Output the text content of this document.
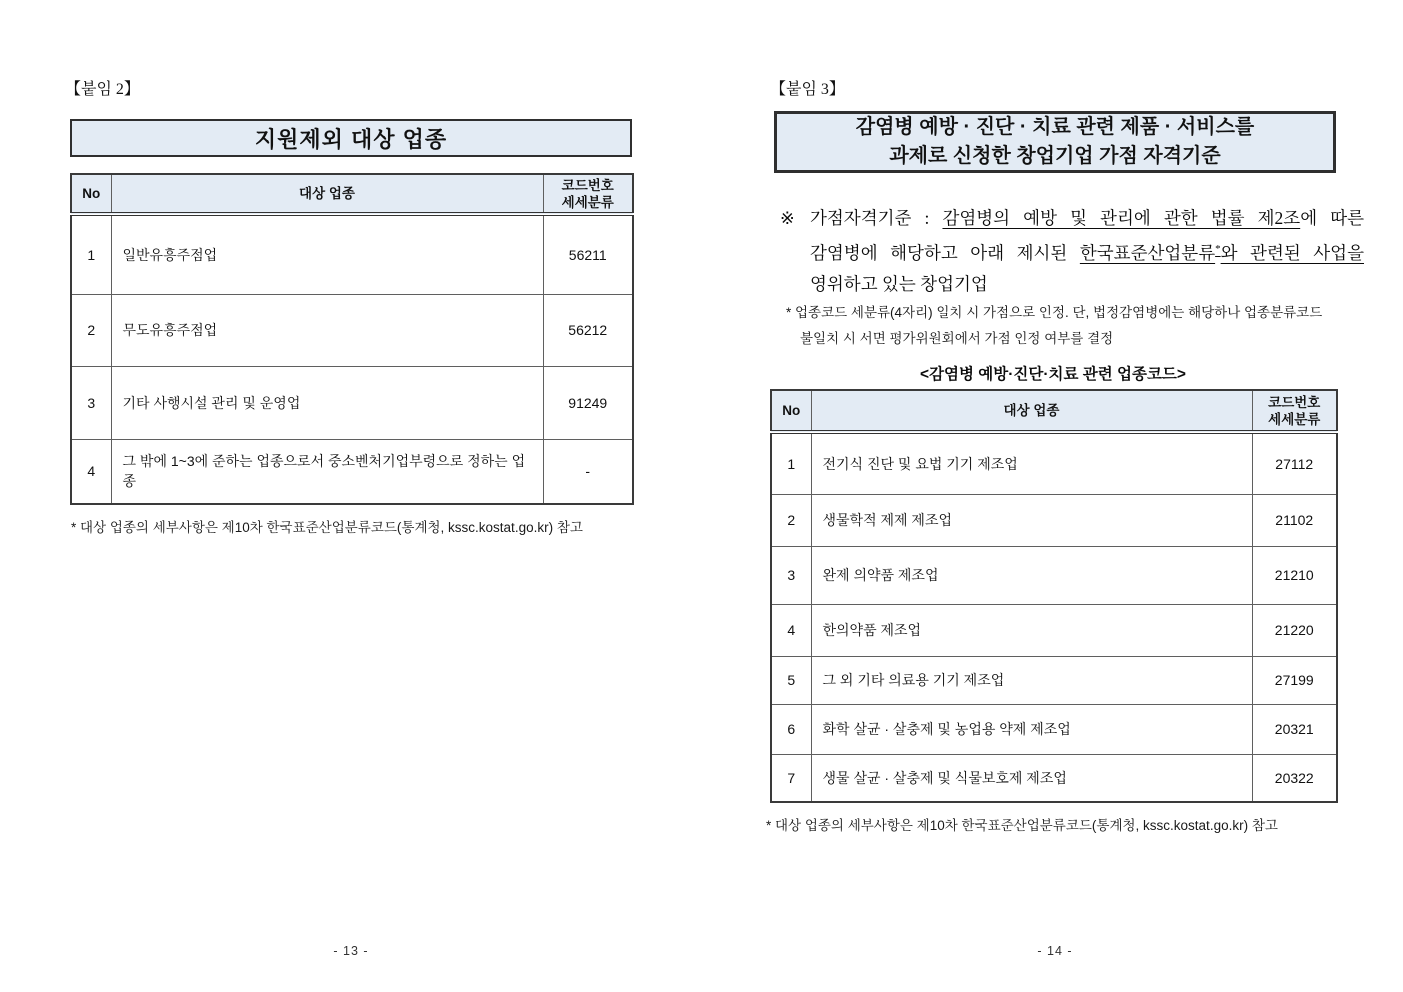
【붙임 2】
지원제외 대상 업종
No	대상 업종	코드번호
세세분류

1	일반유흥주점업	56211
2	무도유흥주점업	56212
3	기타 사행시설 관리 및 운영업	91249
4	그 밖에 1~3에 준하는 업종으로서 중소벤처기업부령으로 정하는 업종	-
* 대상 업종의 세부사항은 제10차 한국표준산업분류코드(통계청, kssc.kostat.go.kr) 참고
- 13 -
【붙임 3】
감염병 예방 · 진단 · 치료 관련 제품 · 서비스를
과제로 신청한 창업기업 가점 자격기준
※ 가점자격기준 : 감염병의 예방 및 관리에 관한 법률 제2조에 따른
감염병에 해당하고 아래 제시된 한국표준산업분류*와 관련된 사업을
영위하고 있는 창업기업
* 업종코드 세분류(4자리) 일치 시 가점으로 인정. 단, 법정감염병에는 해당하나 업종분류코드
불일치 시 서면 평가위원회에서 가점 인정 여부를 결정
<감염병 예방·진단·치료 관련 업종코드>
No	대상 업종	코드번호
세세분류

1	전기식 진단 및 요법 기기 제조업	27112
2	생물학적 제제 제조업	21102
3	완제 의약품 제조업	21210
4	한의약품 제조업	21220
5	그 외 기타 의료용 기기 제조업	27199
6	화학 살균 · 살충제 및 농업용 약제 제조업	20321
7	생물 살균 · 살충제 및 식물보호제 제조업	20322
* 대상 업종의 세부사항은 제10차 한국표준산업분류코드(통계청, kssc.kostat.go.kr) 참고
- 14 -
